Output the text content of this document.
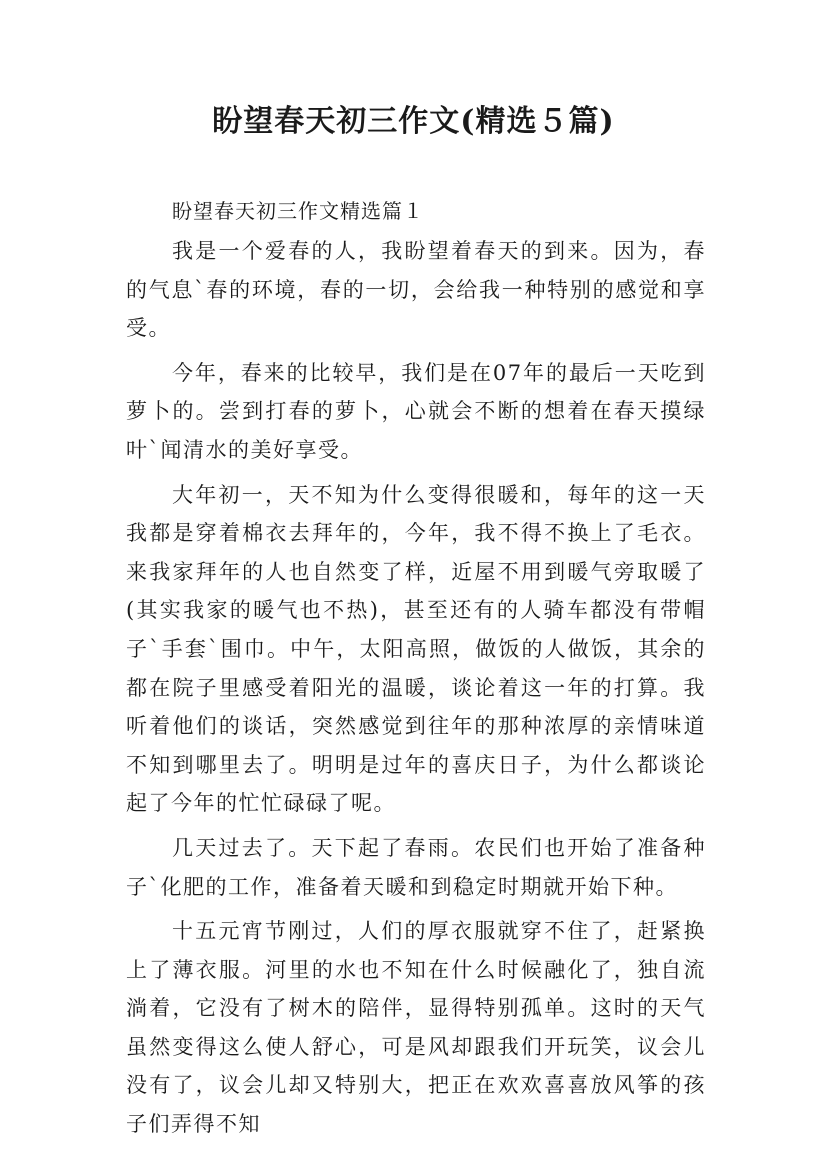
盼望春天初三作文(精选５篇)

盼望春天初三作文精选篇１

我是一个爱春的人，我盼望着春天的到来。因为，春的气息`春的环境，春的一切，会给我一种特别的感觉和享受。

今年，春来的比较早，我们是在07年的最后一天吃到萝卜的。尝到打春的萝卜，心就会不断的想着在春天摸绿叶`闻清水的美好享受。

大年初一，天不知为什么变得很暖和，每年的这一天我都是穿着棉衣去拜年的，今年，我不得不换上了毛衣。来我家拜年的人也自然变了样，近屋不用到暖气旁取暖了(其实我家的暖气也不热)，甚至还有的人骑车都没有带帽子`手套`围巾。中午，太阳高照，做饭的人做饭，其余的都在院子里感受着阳光的温暖，谈论着这一年的打算。我听着他们的谈话，突然感觉到往年的那种浓厚的亲情味道不知到哪里去了。明明是过年的喜庆日子，为什么都谈论起了今年的忙忙碌碌了呢。

几天过去了。天下起了春雨。农民们也开始了准备种子`化肥的工作，准备着天暖和到稳定时期就开始下种。

十五元宵节刚过，人们的厚衣服就穿不住了，赶紧换上了薄衣服。河里的水也不知在什么时候融化了，独自流淌着，它没有了树木的陪伴，显得特别孤单。这时的天气虽然变得这么使人舒心，可是风却跟我们开玩笑，议会儿没有了，议会儿却又特别大，把正在欢欢喜喜放风筝的孩子们弄得不知
